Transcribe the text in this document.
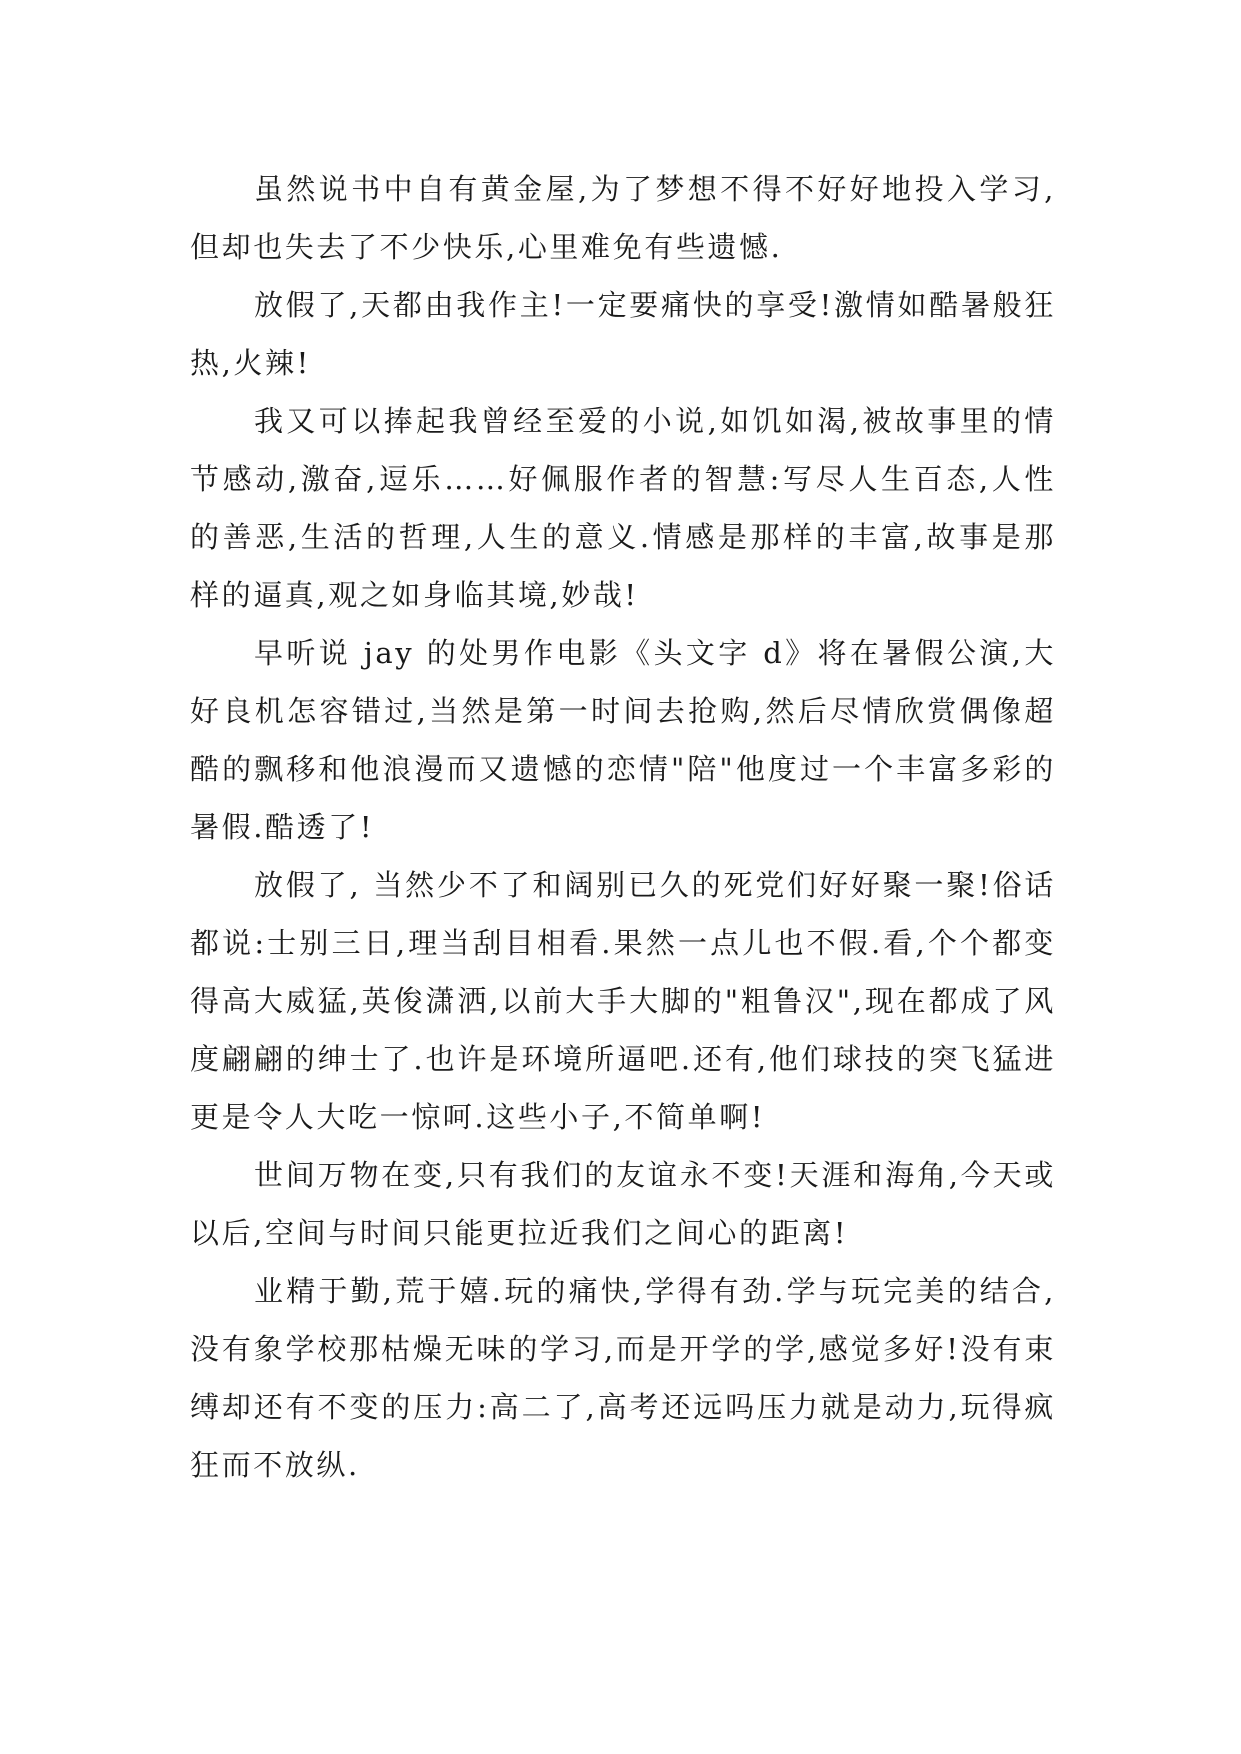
虽然说书中自有黄金屋,为了梦想不得不好好地投入学习,但却也失去了不少快乐,心里难免有些遗憾.

放假了,天都由我作主!一定要痛快的享受!激情如酷暑般狂热,火辣!

我又可以捧起我曾经至爱的小说,如饥如渴,被故事里的情节感动,激奋,逗乐……好佩服作者的智慧:写尽人生百态,人性的善恶,生活的哲理,人生的意义.情感是那样的丰富,故事是那样的逼真,观之如身临其境,妙哉!

早听说 jay 的处男作电影《头文字 d》将在暑假公演,大好良机怎容错过,当然是第一时间去抢购,然后尽情欣赏偶像超酷的飘移和他浪漫而又遗憾的恋情"陪"他度过一个丰富多彩的暑假.酷透了!

放假了, 当然少不了和阔别已久的死党们好好聚一聚!俗话都说:士别三日,理当刮目相看.果然一点儿也不假.看,个个都变得高大威猛,英俊潇洒,以前大手大脚的"粗鲁汉",现在都成了风度翩翩的绅士了.也许是环境所逼吧.还有,他们球技的突飞猛进更是令人大吃一惊呵.这些小子,不简单啊!

世间万物在变,只有我们的友谊永不变!天涯和海角,今天或以后,空间与时间只能更拉近我们之间心的距离!

业精于勤,荒于嬉.玩的痛快,学得有劲.学与玩完美的结合,没有象学校那枯燥无味的学习,而是开学的学,感觉多好!没有束缚却还有不变的压力:高二了,高考还远吗压力就是动力,玩得疯狂而不放纵.
